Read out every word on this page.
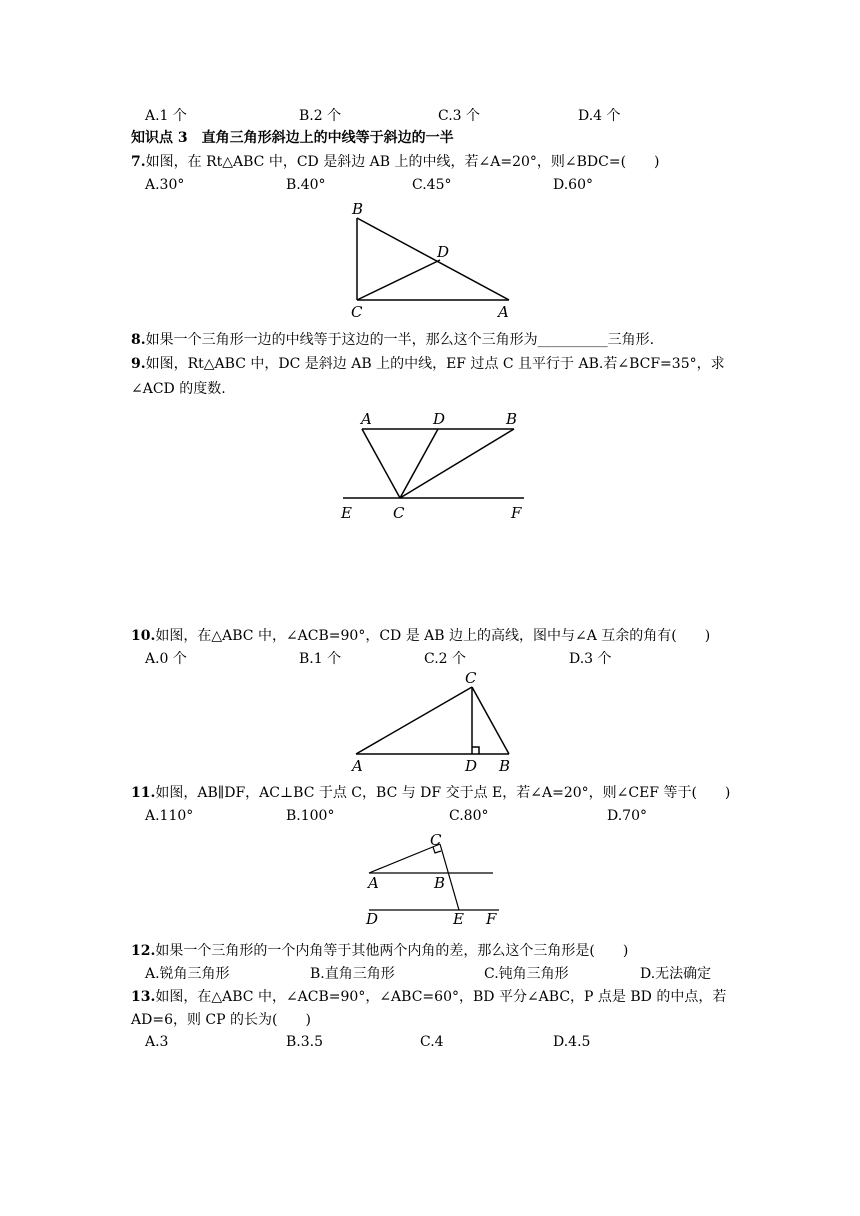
A.1 个	B.2 个	C.3 个	D.4 个
知识点 3　直角三角形斜边上的中线等于斜边的一半
7.如图，在 Rt△ABC 中，CD 是斜边 AB 上的中线，若∠A=20°，则∠BDC=(　　)
A.30°	B.40°	C.45°	D.60°
B
C
D
A
A	D	B
E	C	F
C
A	D B
C
A	B
D	E F
8.如果一个三角形一边的中线等于这边的一半，那么这个三角形为__________三角形.
9.如图，Rt△ABC 中，DC 是斜边 AB 上的中线，EF 过点 C 且平行于 AB.若∠BCF=35°，求
∠ACD 的度数.
10.如图，在△ABC 中，∠ACB=90°，CD 是 AB 边上的高线，图中与∠A 互余的角有(　　)
A.0 个	B.1 个	C.2 个	D.3 个
11.如图，AB∥DF，AC⊥BC 于点 C，BC 与 DF 交于点 E，若∠A=20°，则∠CEF 等于(　　)
A.110°	B.100°	C.80°	D.70°
12.如果一个三角形的一个内角等于其他两个内角的差，那么这个三角形是(　　)
A.锐角三角形	B.直角三角形	C.钝角三角形	D.无法确定
13.如图，在△ABC 中，∠ACB=90°，∠ABC=60°，BD 平分∠ABC，P 点是 BD 的中点，若
AD=6，则 CP 的长为(　　)
A.3	B.3.5	C.4	D.4.5
